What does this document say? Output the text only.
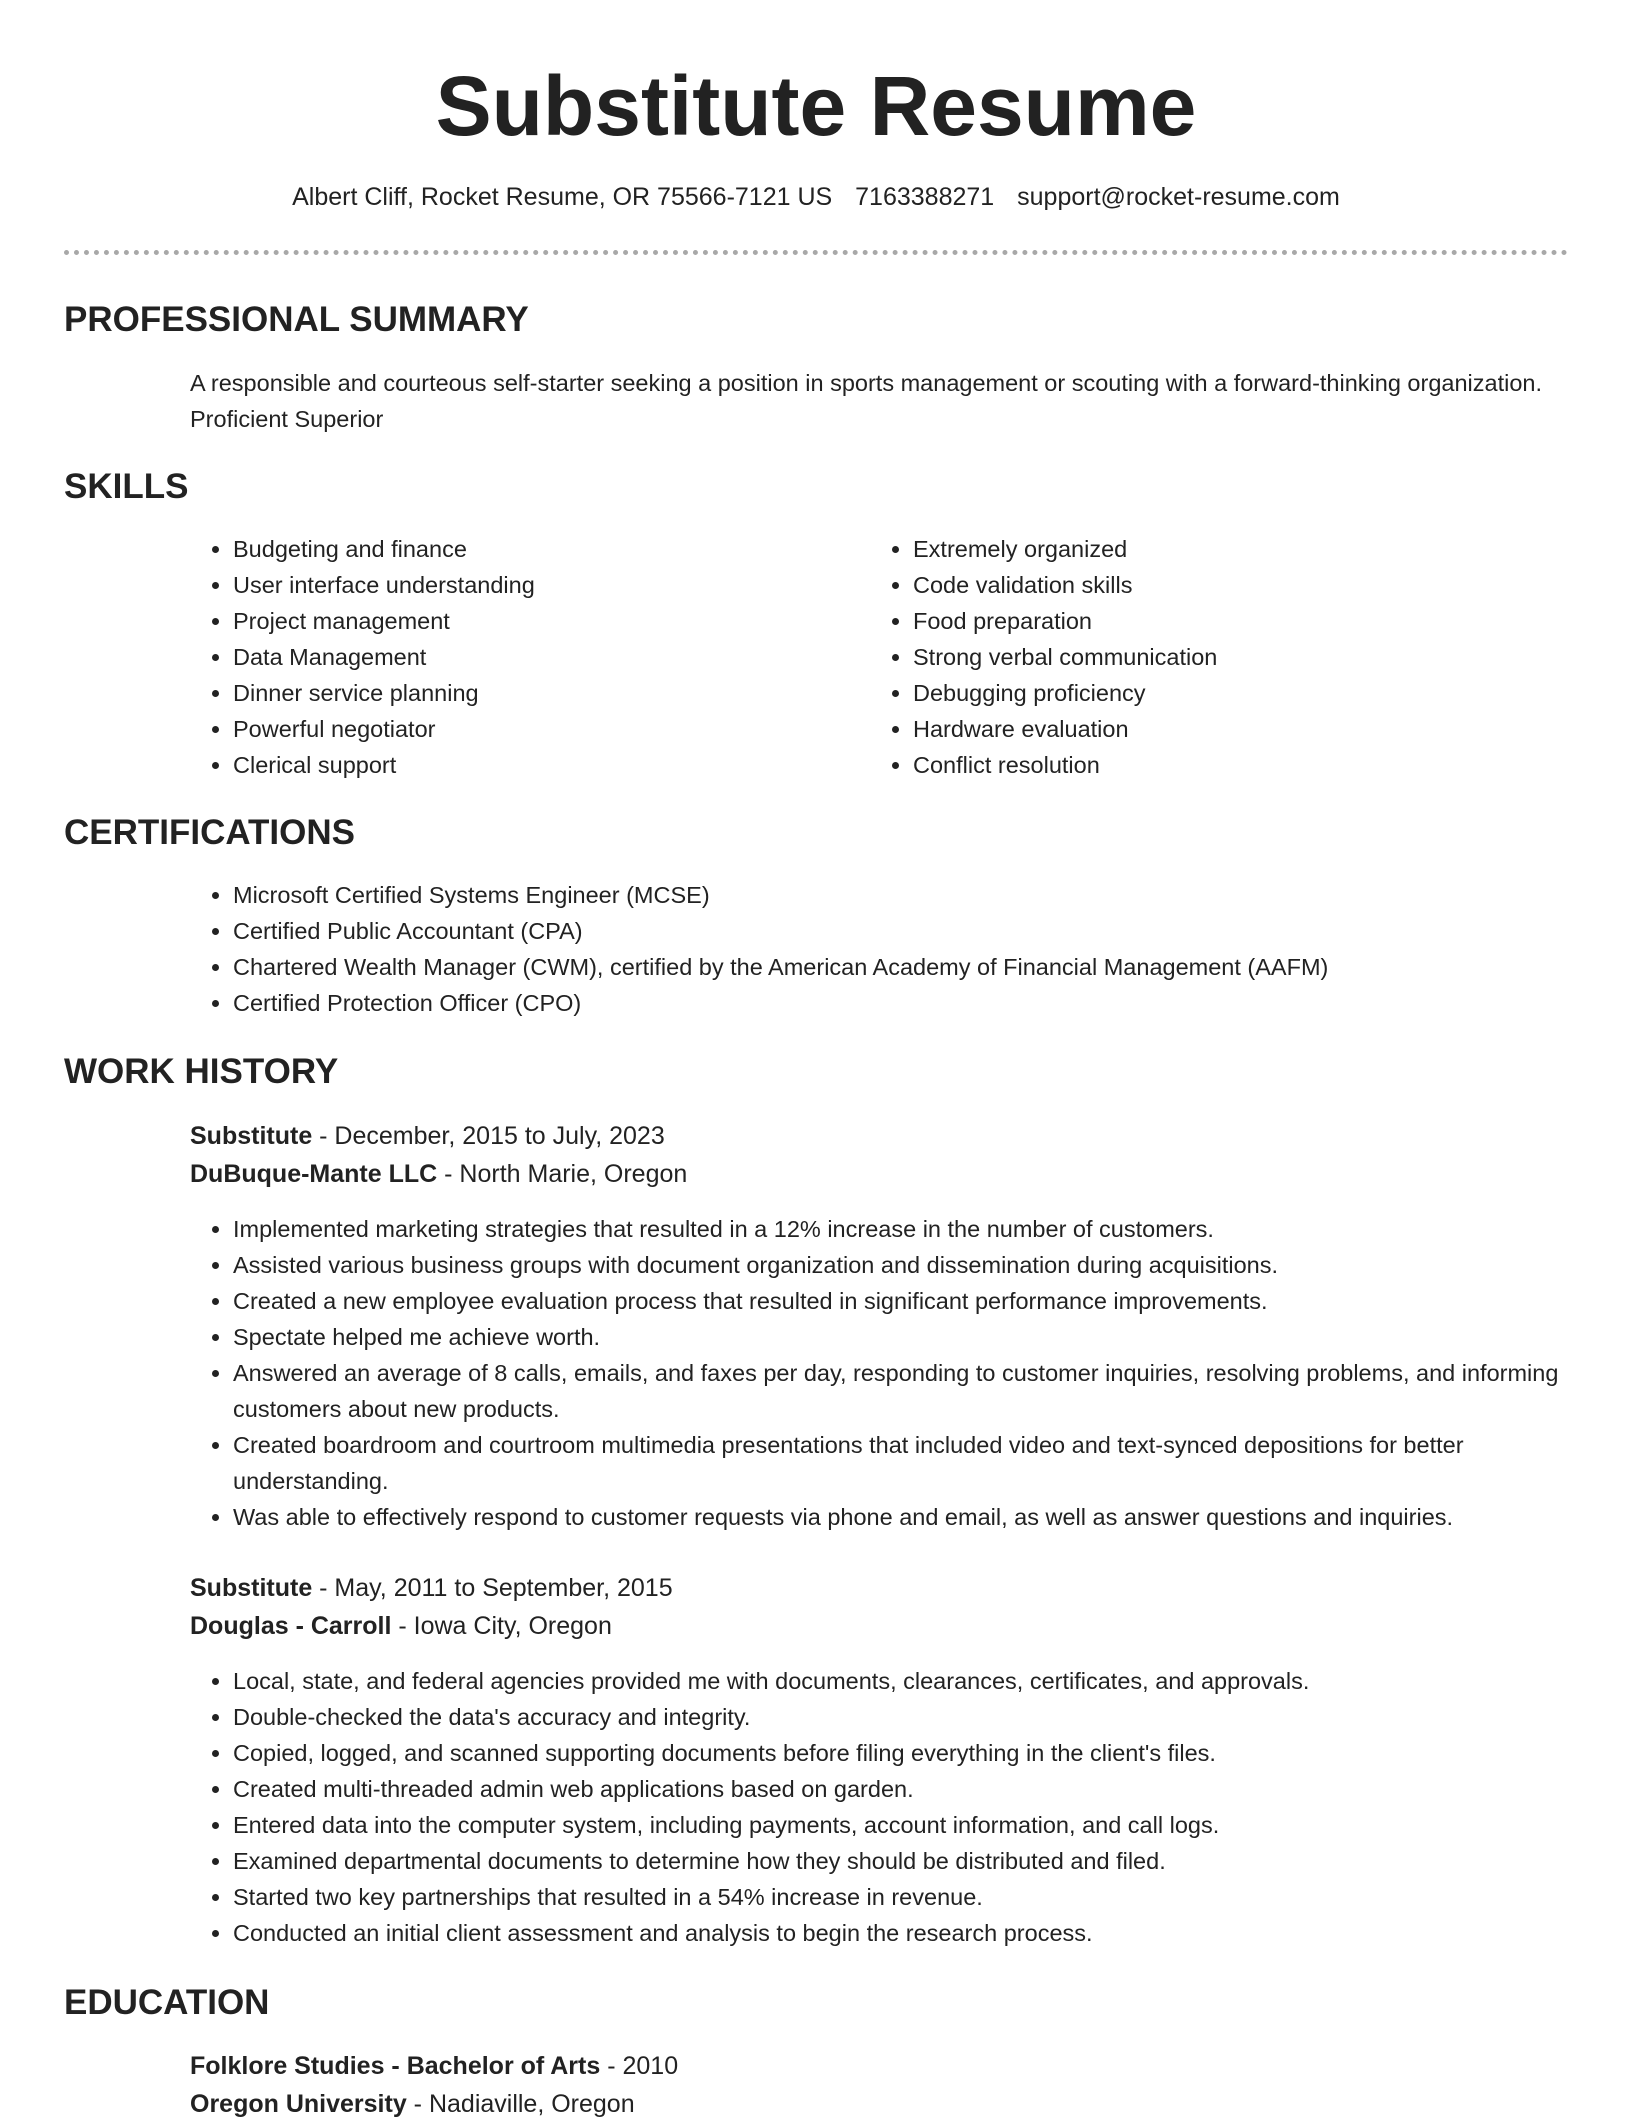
Substitute Resume
Albert Cliff, Rocket Resume, OR 75566-7121 US 7163388271 support@rocket-resume.com
PROFESSIONAL SUMMARY

A responsible and courteous self-starter seeking a position in sports management or scouting with a forward-thinking organization. Proficient Superior

SKILLS
• Budgeting and finance
• User interface understanding
• Project management
• Data Management
• Dinner service planning
• Powerful negotiator
• Clerical support
• Extremely organized
• Code validation skills
• Food preparation
• Strong verbal communication
• Debugging proficiency
• Hardware evaluation
• Conflict resolution
CERTIFICATIONS
• Microsoft Certified Systems Engineer (MCSE)
• Certified Public Accountant (CPA)
• Chartered Wealth Manager (CWM), certified by the American Academy of Financial Management (AAFM)
• Certified Protection Officer (CPO)
WORK HISTORY
Substitute - December, 2015 to July, 2023
DuBuque-Mante LLC - North Marie, Oregon
• Implemented marketing strategies that resulted in a 12% increase in the number of customers.
• Assisted various business groups with document organization and dissemination during acquisitions.
• Created a new employee evaluation process that resulted in significant performance improvements.
• Spectate helped me achieve worth.
• Answered an average of 8 calls, emails, and faxes per day, responding to customer inquiries, resolving problems, and informing customers about new products.
• Created boardroom and courtroom multimedia presentations that included video and text-synced depositions for better understanding.
• Was able to effectively respond to customer requests via phone and email, as well as answer questions and inquiries.
Substitute - May, 2011 to September, 2015
Douglas - Carroll - Iowa City, Oregon
• Local, state, and federal agencies provided me with documents, clearances, certificates, and approvals.
• Double-checked the data's accuracy and integrity.
• Copied, logged, and scanned supporting documents before filing everything in the client's files.
• Created multi-threaded admin web applications based on garden.
• Entered data into the computer system, including payments, account information, and call logs.
• Examined departmental documents to determine how they should be distributed and filed.
• Started two key partnerships that resulted in a 54% increase in revenue.
• Conducted an initial client assessment and analysis to begin the research process.
EDUCATION
Folklore Studies - Bachelor of Arts - 2010
Oregon University - Nadiaville, Oregon
